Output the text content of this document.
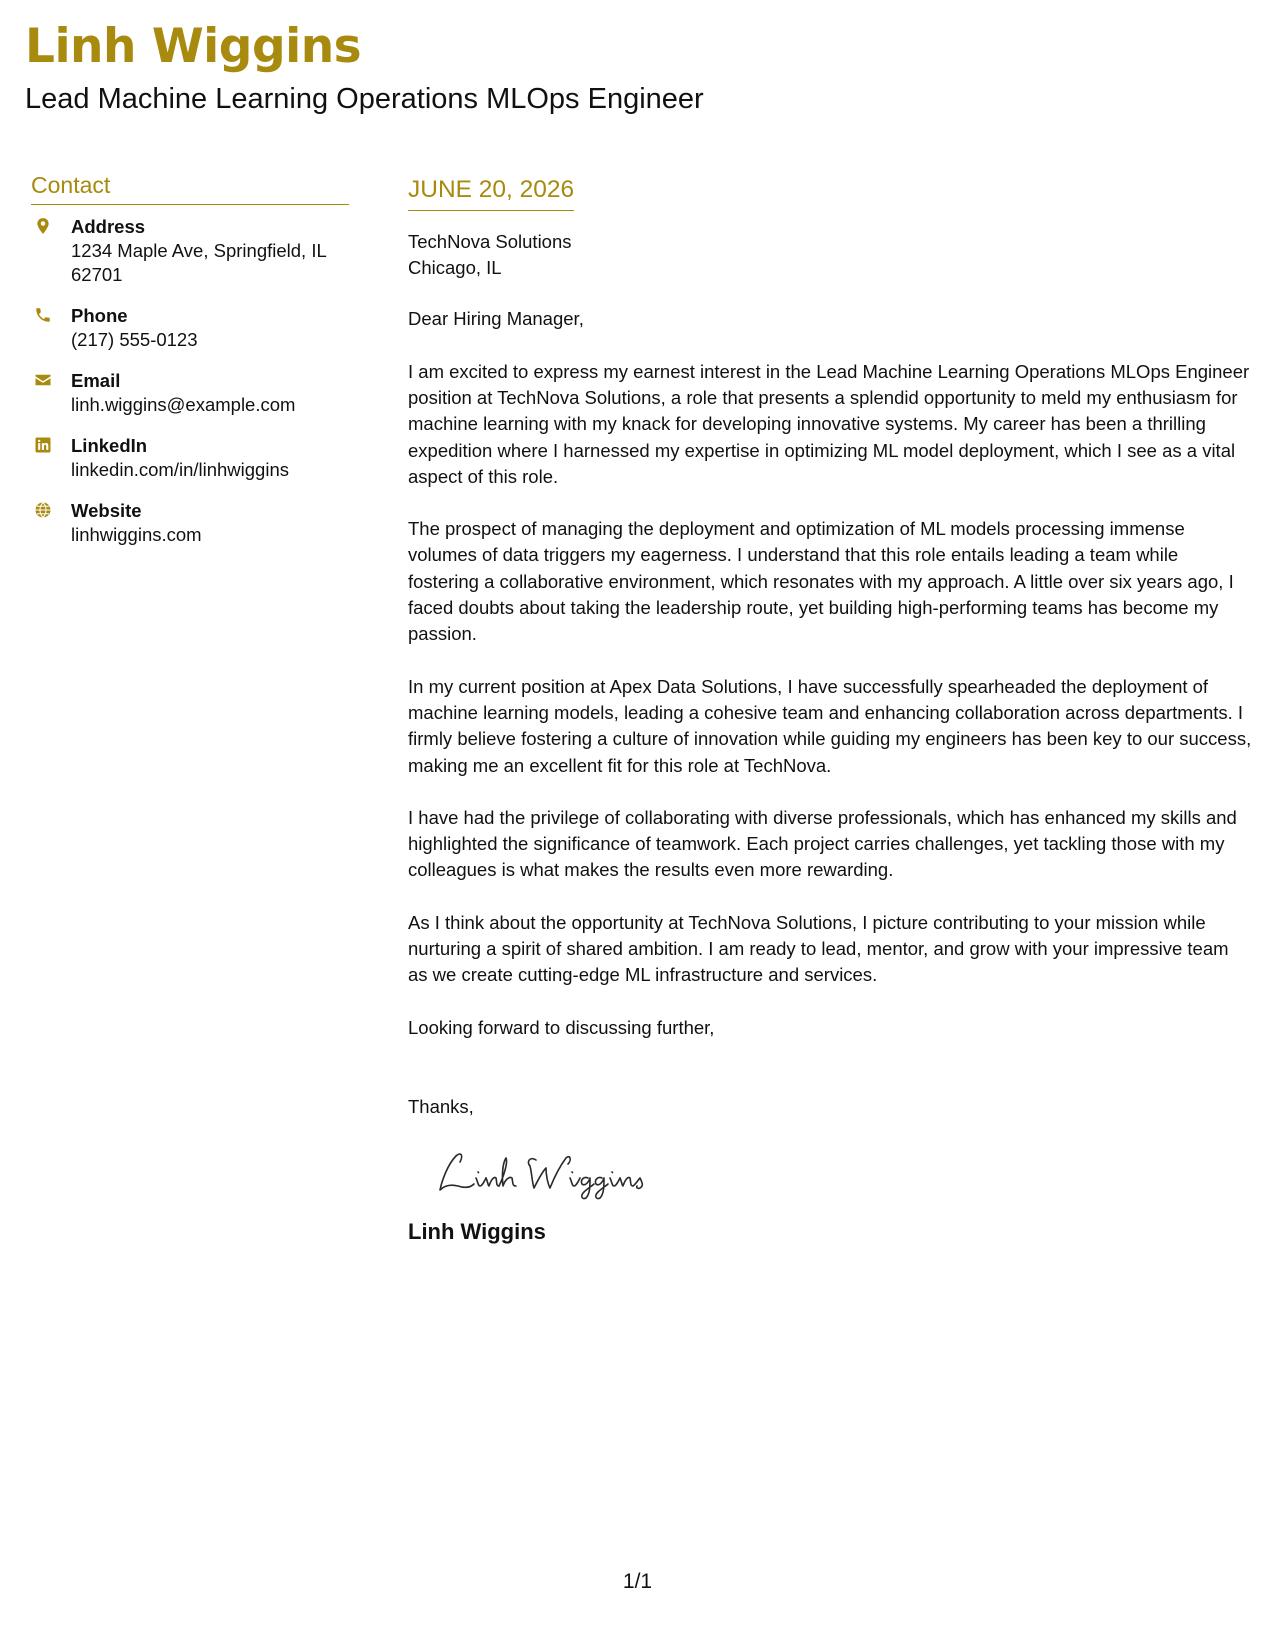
Linh Wiggins
Lead Machine Learning Operations MLOps Engineer
Contact
Address
1234 Maple Ave, Springfield, IL 62701
Phone
(217) 555-0123
Email
linh.wiggins@example.com
LinkedIn
linkedin.com/in/linhwiggins
Website
linhwiggins.com
JUNE 20, 2026
TechNova Solutions
Chicago, IL

Dear Hiring Manager,

I am excited to express my earnest interest in the Lead Machine Learning Operations MLOps Engineer position at TechNova Solutions, a role that presents a splendid opportunity to meld my enthusiasm for machine learning with my knack for developing innovative systems. My career has been a thrilling expedition where I harnessed my expertise in optimizing ML model deployment, which I see as a vital aspect of this role.

The prospect of managing the deployment and optimization of ML models processing immense volumes of data triggers my eagerness. I understand that this role entails leading a team while fostering a collaborative environment, which resonates with my approach. A little over six years ago, I faced doubts about taking the leadership route, yet building high-performing teams has become my passion.

In my current position at Apex Data Solutions, I have successfully spearheaded the deployment of machine learning models, leading a cohesive team and enhancing collaboration across departments. I firmly believe fostering a culture of innovation while guiding my engineers has been key to our success, making me an excellent fit for this role at TechNova.

I have had the privilege of collaborating with diverse professionals, which has enhanced my skills and highlighted the significance of teamwork. Each project carries challenges, yet tackling those with my colleagues is what makes the results even more rewarding.

As I think about the opportunity at TechNova Solutions, I picture contributing to your mission while nurturing a spirit of shared ambition. I am ready to lead, mentor, and grow with your impressive team as we create cutting-edge ML infrastructure and services.

Looking forward to discussing further,

Thanks,

Linh Wiggins
1/1
